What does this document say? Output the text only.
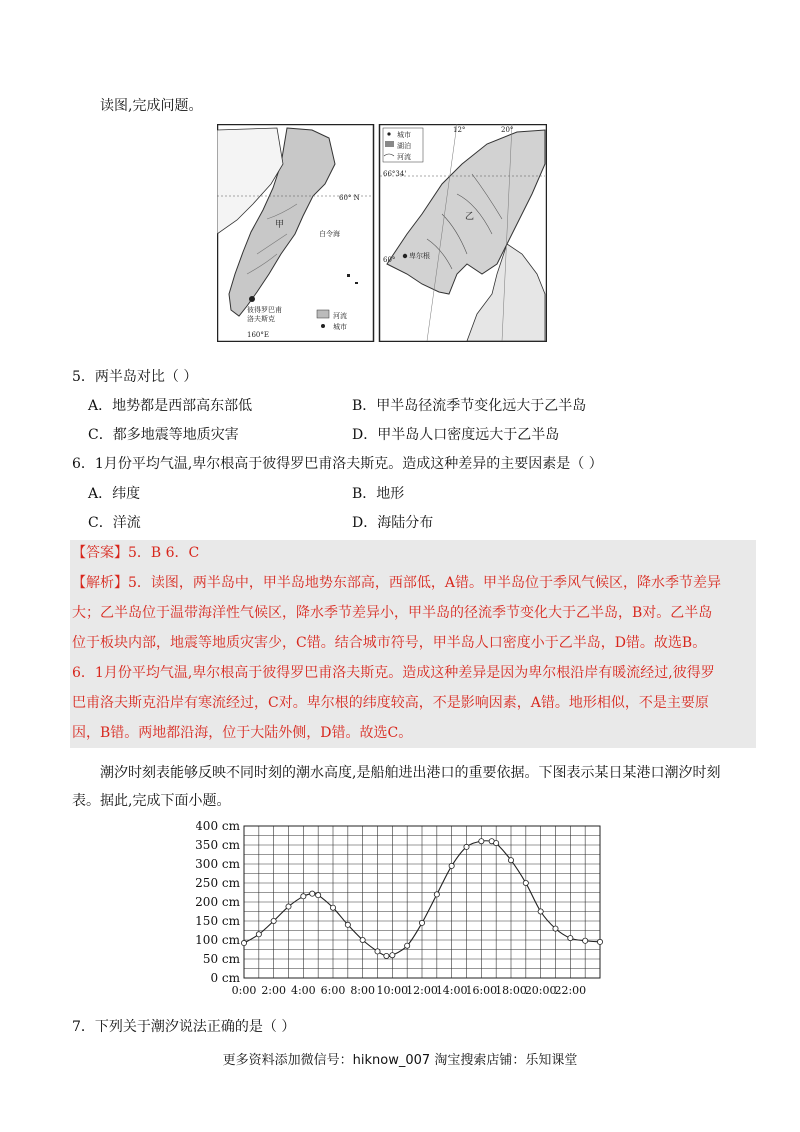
读图,完成问题。
甲
白令海
60° N
彼得罗巴甫
洛夫斯克
160°E
河流
城市
城市
湖泊
河流
12°	20°
66°34'
乙
卑尔根
60°
5．两半岛对比（ ）
A．地势都是西部高东部低	B．甲半岛径流季节变化远大于乙半岛
C．都多地震等地质灾害	D．甲半岛人口密度远大于乙半岛
6．1月份平均气温,卑尔根高于彼得罗巴甫洛夫斯克。造成这种差异的主要因素是（ ）
A．纬度	B．地形
C．洋流	D．海陆分布
【答案】5．B 6．C
【解析】5．读图，两半岛中，甲半岛地势东部高，西部低，A错。甲半岛位于季风气候区，降水季节差异
大；乙半岛位于温带海洋性气候区，降水季节差异小，甲半岛的径流季节变化大于乙半岛，B对。乙半岛
位于板块内部，地震等地质灾害少，C错。结合城市符号，甲半岛人口密度小于乙半岛，D错。故选B。
6．1月份平均气温,卑尔根高于彼得罗巴甫洛夫斯克。造成这种差异是因为卑尔根沿岸有暖流经过,彼得罗
巴甫洛夫斯克沿岸有寒流经过，C对。卑尔根的纬度较高，不是影响因素，A错。地形相似，不是主要原
因，B错。两地都沿海，位于大陆外侧，D错。故选C。
潮汐时刻表能够反映不同时刻的潮水高度,是船舶进出港口的重要依据。下图表示某日某港口潮汐时刻
表。据此,完成下面小题。
0 cm
50 cm
100 cm
150 cm
200 cm
250 cm
300 cm
350 cm
400 cm
0:00 2:00 4:00 6:00 8:00 10:00
12:00
14:00
16:00
18:00
20:00
22:00
7．下列关于潮汐说法正确的是（ ）
更多资料添加微信号：hiknow_007 淘宝搜索店铺：乐知课堂
